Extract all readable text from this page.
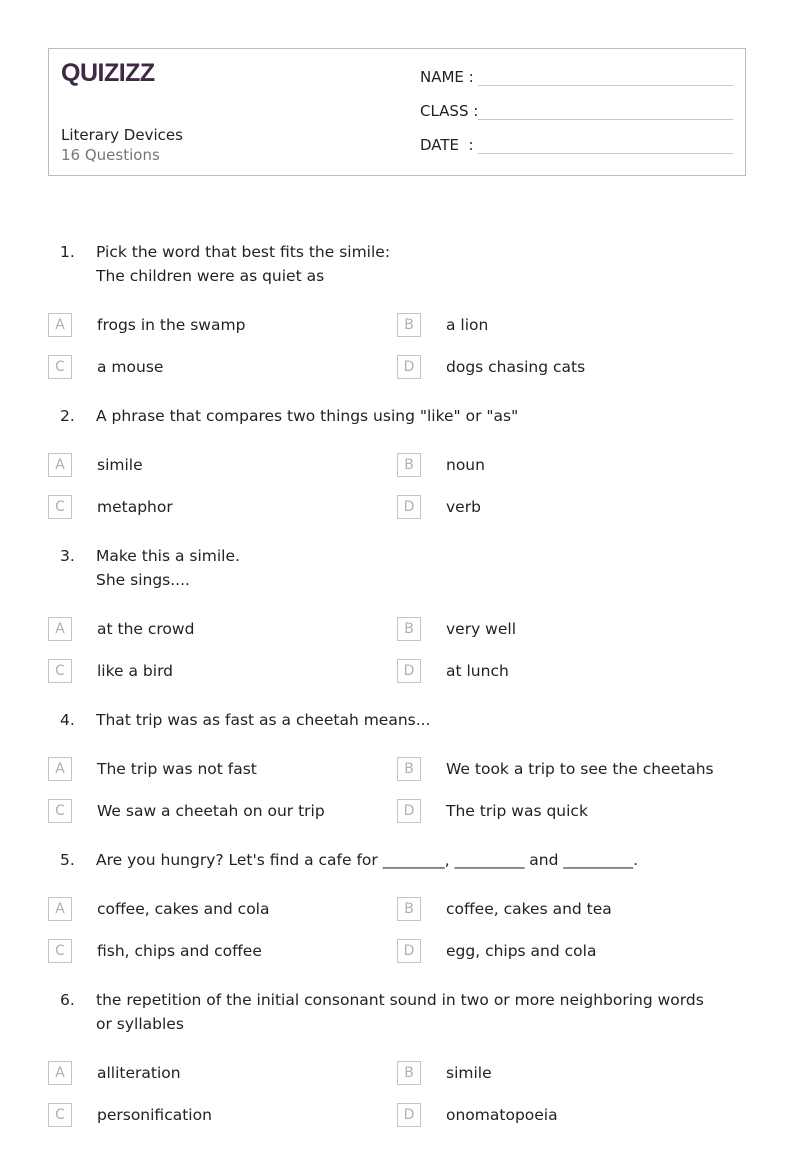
QUIZIZZ
Literary Devices
16 Questions
NAME :
CLASS :
DATE  :
1.	Pick the word that best fits the simile:
The children were as quiet as
A	frogs in the swamp	B	a lion
C	a mouse	D	dogs chasing cats
2.	A phrase that compares two things using "like" or "as"
A	simile	B	noun
C	metaphor	D	verb
3.	Make this a simile.
She sings....
A	at the crowd	B	very well
C	like a bird	D	at lunch
4.	That trip was as fast as a cheetah means...
A	The trip was not fast	B	We took a trip to see the cheetahs
C	We saw a cheetah on our trip	D	The trip was quick
5.	Are you hungry? Let's find a cafe for ________, _________ and _________.
A	coffee, cakes and cola	B	coffee, cakes and tea
C	fish, chips and coffee	D	egg, chips and cola
6.	the repetition of the initial consonant sound in two or more neighboring words or syllables
A	alliteration	B	simile
C	personification	D	onomatopoeia
